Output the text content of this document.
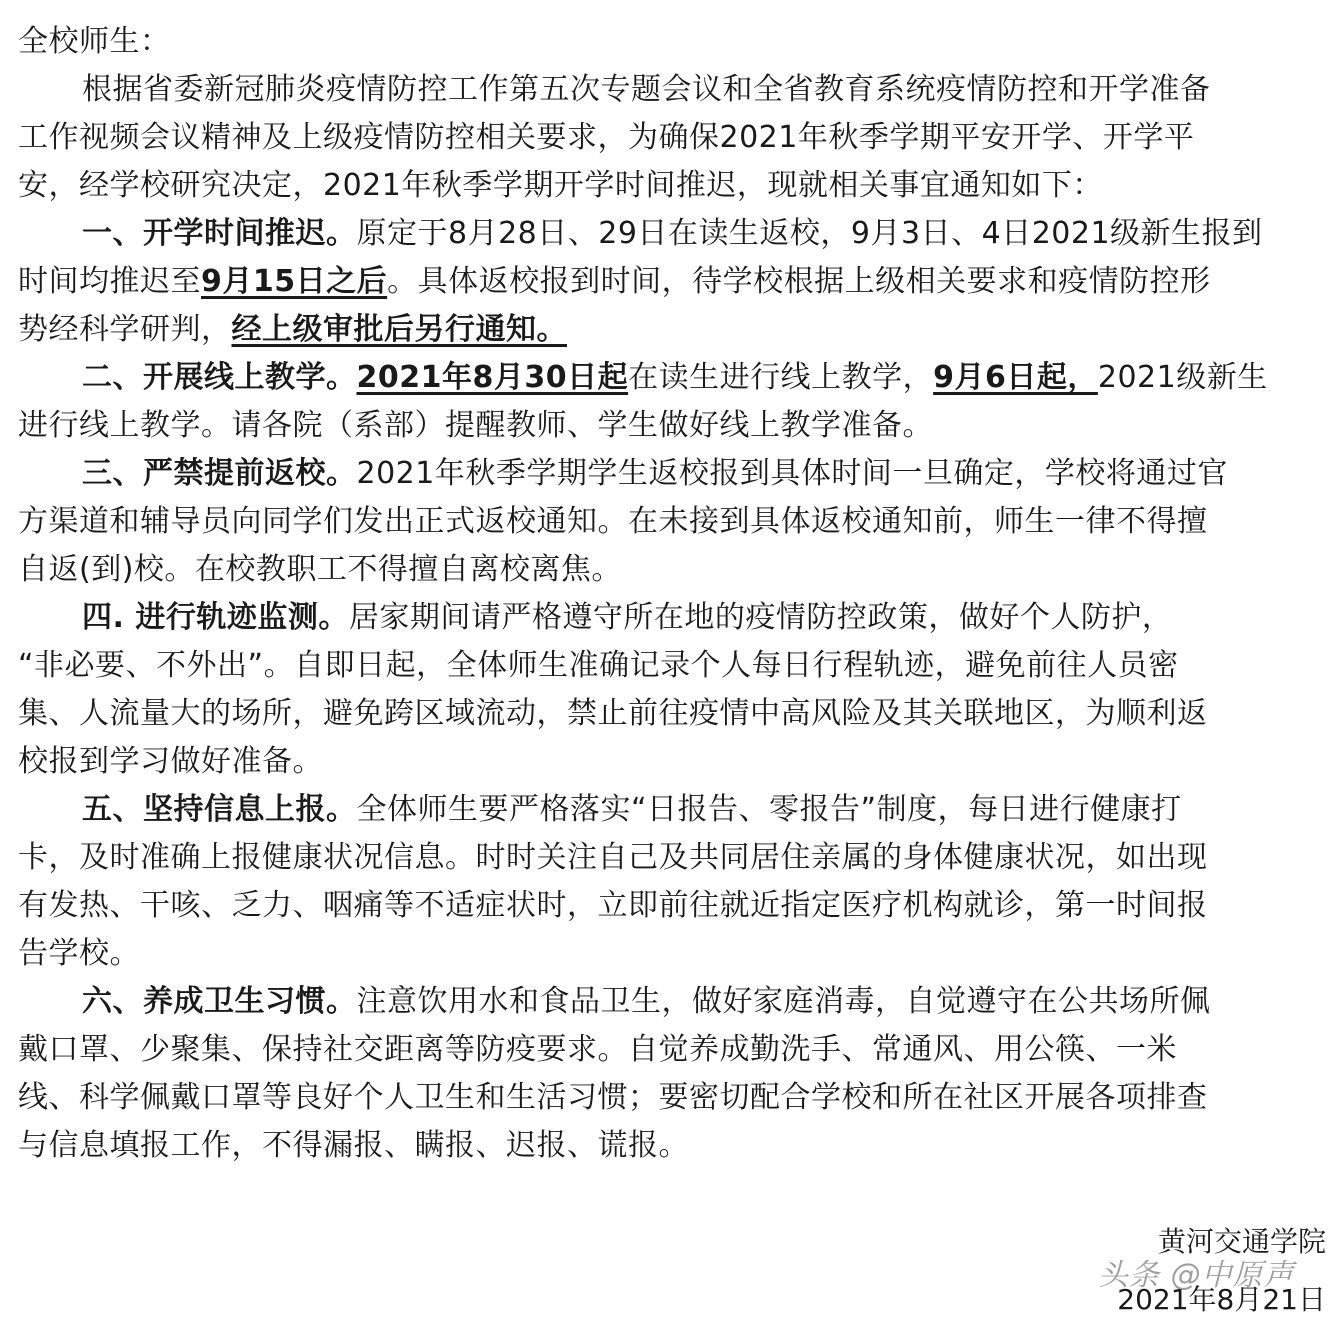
全校师生：
根据省委新冠肺炎疫情防控工作第五次专题会议和全省教育系统疫情防控和开学准备
工作视频会议精神及上级疫情防控相关要求，为确保2021年秋季学期平安开学、开学平
安，经学校研究决定，2021年秋季学期开学时间推迟，现就相关事宜通知如下：
一、开学时间推迟。原定于8月28日、29日在读生返校，9月3日、4日2021级新生报到
时间均推迟至9月15日之后。具体返校报到时间，待学校根据上级相关要求和疫情防控形
势经科学研判，经上级审批后另行通知。
二、开展线上教学。2021年8月30日起在读生进行线上教学，9月6日起，2021级新生
进行线上教学。请各院（系部）提醒教师、学生做好线上教学准备。
三、严禁提前返校。2021年秋季学期学生返校报到具体时间一旦确定，学校将通过官
方渠道和辅导员向同学们发出正式返校通知。在未接到具体返校通知前，师生一律不得擅
自返(到)校。在校教职工不得擅自离校离焦。
四. 进行轨迹监测。居家期间请严格遵守所在地的疫情防控政策，做好个人防护，
“非必要、不外出”。自即日起，全体师生准确记录个人每日行程轨迹，避免前往人员密
集、人流量大的场所，避免跨区域流动，禁止前往疫情中高风险及其关联地区，为顺利返
校报到学习做好准备。
五、坚持信息上报。全体师生要严格落实“日报告、零报告”制度，每日进行健康打
卡，及时准确上报健康状况信息。时时关注自己及共同居住亲属的身体健康状况，如出现
有发热、干咳、乏力、咽痛等不适症状时，立即前往就近指定医疗机构就诊，第一时间报
告学校。
六、养成卫生习惯。注意饮用水和食品卫生，做好家庭消毒，自觉遵守在公共场所佩
戴口罩、少聚集、保持社交距离等防疫要求。自觉养成勤洗手、常通风、用公筷、一米
线、科学佩戴口罩等良好个人卫生和生活习惯；要密切配合学校和所在社区开展各项排查
与信息填报工作，不得漏报、瞒报、迟报、谎报。
黄河交通学院
2021年8月21日
头条 @中原声
